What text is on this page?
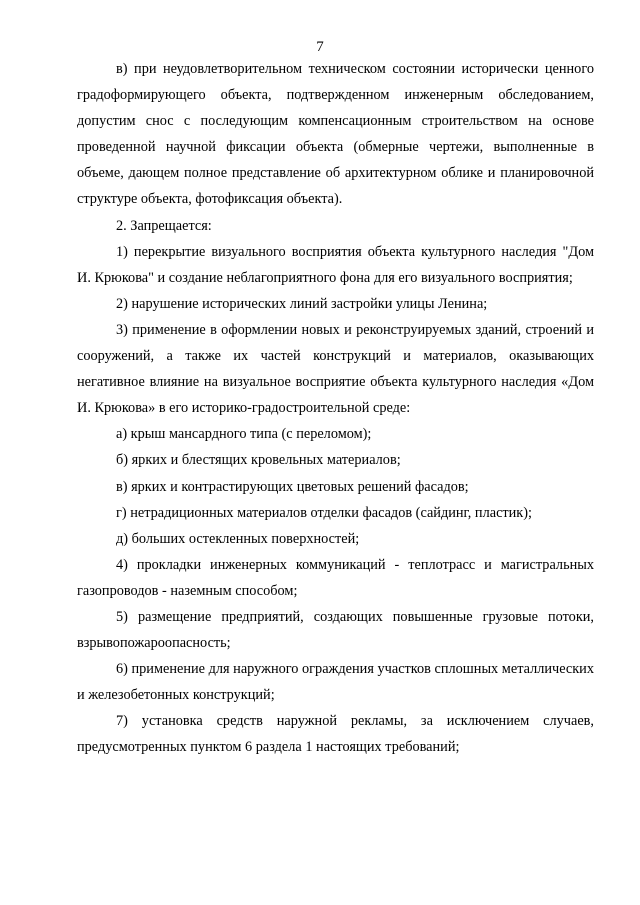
7

в) при неудовлетворительном техническом состоянии исторически ценного градоформирующего объекта, подтвержденном инженерным обследованием, допустим снос с последующим компенсационным строительством на основе проведенной научной фиксации объекта (обмерные чертежи, выполненные в объеме, дающем полное представление об архитектурном облике и планировочной структуре объекта, фотофиксация объекта).

2. Запрещается:

1) перекрытие визуального восприятия объекта культурного наследия "Дом И. Крюкова" и создание неблагоприятного фона для его визуального восприятия;

2) нарушение исторических линий застройки улицы Ленина;

3) применение в оформлении новых и реконструируемых зданий, строений и сооружений, а также их частей конструкций и материалов, оказывающих негативное влияние на визуальное восприятие объекта культурного наследия «Дом И. Крюкова» в его историко-градостроительной среде:

а) крыш мансардного типа (с переломом);

б) ярких и блестящих кровельных материалов;

в) ярких и контрастирующих цветовых решений фасадов;

г) нетрадиционных материалов отделки фасадов (сайдинг, пластик);

д) больших остекленных поверхностей;

4) прокладки инженерных коммуникаций - теплотрасс и магистральных газопроводов - наземным способом;

5) размещение предприятий, создающих повышенные грузовые потоки, взрывопожароопасность;

6) применение для наружного ограждения участков сплошных металлических и железобетонных конструкций;

7) установка средств наружной рекламы, за исключением случаев, предусмотренных пунктом 6 раздела 1 настоящих требований;
